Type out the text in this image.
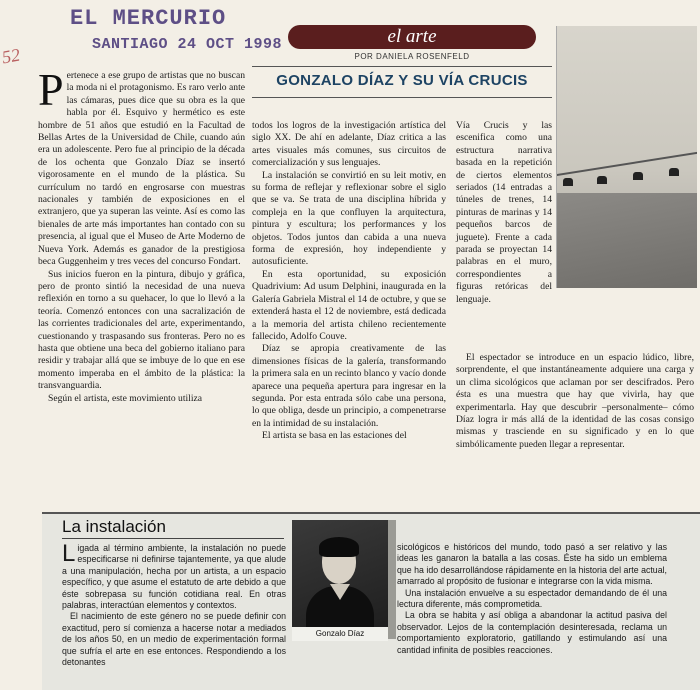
EL MERCURIO
SANTIAGO 24 OCT 1998
52
el arte
POR DANIELA ROSENFELD
GONZALO DÍAZ Y SU VÍA CRUCIS
P ertenece a ese grupo de artistas que no buscan la moda ni el protagonismo. Es raro verlo ante las cámaras, pues dice que su obra es la que habla por él. Esquivo y hermético es este hombre de 51 años que estudió en la Facultad de Bellas Artes de la Universidad de Chile, cuando aún era un adolescente. Pero fue al principio de la década de los ochenta que Gonzalo Díaz se insertó vigorosamente en el mundo de la plástica. Su currículum no tardó en engrosarse con muestras nacionales y también de exposiciones en el extranjero, que ya superan las veinte. Así es como las bienales de arte más importantes han contado con su presencia, al igual que el Museo de Arte Moderno de Nueva York. Además es ganador de la prestigiosa beca Guggenheim y tres veces del concurso Fondart.

Sus inicios fueron en la pintura, dibujo y gráfica, pero de pronto sintió la necesidad de una nueva reflexión en torno a su quehacer, lo que lo llevó a la teoría. Comenzó entonces con una sacralización de las corrientes tradicionales del arte, experimentando, cuestionando y traspasando sus fronteras. Pero no es hasta que obtiene una beca del gobierno italiano para residir y trabajar allá que se imbuye de lo que en ese momento imperaba en el ámbito de la plástica: la transvanguardia.

Según el artista, este movimiento utiliza

todos los logros de la investigación artística del siglo XX. De ahí en adelante, Díaz critica a las artes visuales más comunes, sus circuitos de comercialización y sus lenguajes.

La instalación se convirtió en su leit motiv, en su forma de reflejar y reflexionar sobre el siglo que se va. Se trata de una disciplina híbrida y compleja en la que confluyen la arquitectura, pintura y escultura; los performances y los objetos. Todos juntos dan cabida a una nueva forma de expresión, hoy independiente y autosuficiente.

En esta oportunidad, su exposición Quadrivium: Ad usum Delphini, inaugurada en la Galería Gabriela Mistral el 14 de octubre, y que se extenderá hasta el 12 de noviembre, está dedicada a la memoria del artista chileno recientemente fallecido, Adolfo Couve.

Díaz se apropia creativamente de las dimensiones físicas de la galería, transformando la primera sala en un recinto blanco y vacío donde aparece una pequeña apertura para ingresar en la segunda. Por esta entrada sólo cabe una persona, lo que obliga, desde un principio, a compenetrarse en la intimidad de su instalación.

El artista se basa en las estaciones del

Vía Crucis y las escenifica como una estructura narrativa basada en la repetición de ciertos elementos seriados (14 entradas a túneles de trenes, 14 pinturas de marinas y 14 pequeños barcos de juguete). Frente a cada parada se proyectan 14 palabras en el muro, correspondientes a figuras retóricas del lenguaje.

El espectador se introduce en un espacio lúdico, libre, sorprendente, el que instantáneamente adquiere una carga y un clima sicológicos que aclaman por ser descifrados. Pero ésta es una muestra que hay que vivirla, hay que experimentarla. Hay que descubrir –personalmente– cómo Díaz logra ir más allá de la identidad de las cosas consigo mismas y trasciende en su significado y en lo que simbólicamente pueden llegar a representar.

La instalación
L igada al término ambiente, la instalación no puede especificarse ni definirse tajantemente, ya que alude a una manipulación, hecha por un artista, a un espacio específico, y que asume el estatuto de arte debido a que éste sobrepasa su función cotidiana real. En otras palabras, interactúan elementos y contextos.

El nacimiento de este género no se puede definir con exactitud, pero sí comienza a hacerse notar a mediados de los años 50, en un medio de experimentación formal que sufría el arte en ese entonces. Respondiendo a los detonantes

Gonzalo Díaz

sicológicos e históricos del mundo, todo pasó a ser relativo y las ideas les ganaron la batalla a las cosas. Éste ha sido un emblema que ha ido desarrollándose rápidamente en la historia del arte actual, amarrado al propósito de fusionar e integrarse con la vida misma.

Una instalación envuelve a su espectador demandando de él una lectura diferente, más comprometida.

La obra se habita y así obliga a abandonar la actitud pasiva del observador. Lejos de la contemplación desinteresada, reclama un comportamiento exploratorio, gatillando y estimulando así una cantidad infinita de posibles reacciones.
